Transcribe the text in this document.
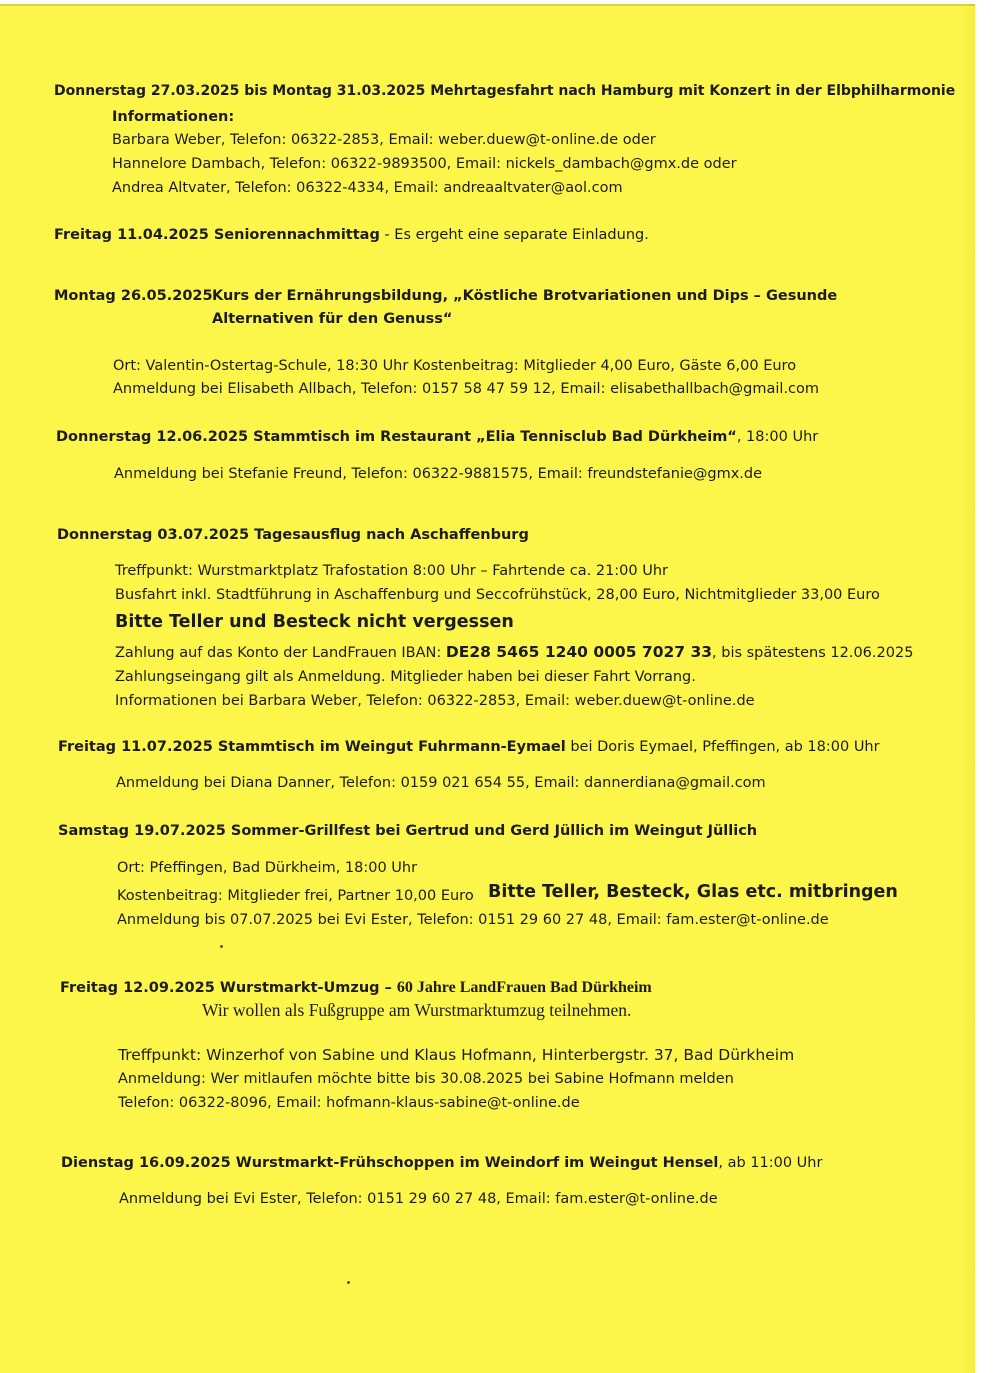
Donnerstag 27.03.2025 bis Montag 31.03.2025 Mehrtagesfahrt nach Hamburg mit Konzert in der Elbphilharmonie
Informationen:
Barbara Weber, Telefon: 06322-2853, Email: weber.duew@t-online.de oder
Hannelore Dambach, Telefon: 06322-9893500, Email: nickels_dambach@gmx.de oder
Andrea Altvater, Telefon: 06322-4334, Email: andreaaltvater@aol.com
Freitag 11.04.2025 Seniorennachmittag - Es ergeht eine separate Einladung.
Montag 26.05.2025 Kurs der Ernährungsbildung, „Köstliche Brotvariationen und Dips – Gesunde
Alternativen für den Genuss“
Ort: Valentin-Ostertag-Schule, 18:30 Uhr Kostenbeitrag: Mitglieder 4,00 Euro, Gäste 6,00 Euro
Anmeldung bei Elisabeth Allbach, Telefon: 0157 58 47 59 12, Email: elisabethallbach@gmail.com
Donnerstag 12.06.2025 Stammtisch im Restaurant „Elia Tennisclub Bad Dürkheim“, 18:00 Uhr
Anmeldung bei Stefanie Freund, Telefon: 06322-9881575, Email: freundstefanie@gmx.de
Donnerstag 03.07.2025 Tagesausflug nach Aschaffenburg
Treffpunkt: Wurstmarktplatz Trafostation 8:00 Uhr – Fahrtende ca. 21:00 Uhr
Busfahrt inkl. Stadtführung in Aschaffenburg und Seccofrühstück, 28,00 Euro, Nichtmitglieder 33,00 Euro
Bitte Teller und Besteck nicht vergessen
Zahlung auf das Konto der LandFrauen IBAN: DE28 5465 1240 0005 7027 33, bis spätestens 12.06.2025
Zahlungseingang gilt als Anmeldung. Mitglieder haben bei dieser Fahrt Vorrang.
Informationen bei Barbara Weber, Telefon: 06322-2853, Email: weber.duew@t-online.de
Freitag 11.07.2025 Stammtisch im Weingut Fuhrmann-Eymael bei Doris Eymael, Pfeffingen, ab 18:00 Uhr
Anmeldung bei Diana Danner, Telefon: 0159 021 654 55, Email: dannerdiana@gmail.com
Samstag 19.07.2025 Sommer-Grillfest bei Gertrud und Gerd Jüllich im Weingut Jüllich
Ort: Pfeffingen, Bad Dürkheim, 18:00 Uhr
Kostenbeitrag: Mitglieder frei, Partner 10,00 Euro Bitte Teller, Besteck, Glas etc. mitbringen
Anmeldung bis 07.07.2025 bei Evi Ester, Telefon: 0151 29 60 27 48, Email: fam.ester@t-online.de
Freitag 12.09.2025 Wurstmarkt-Umzug – 60 Jahre LandFrauen Bad Dürkheim
Wir wollen als Fußgruppe am Wurstmarktumzug teilnehmen.
Treffpunkt: Winzerhof von Sabine und Klaus Hofmann, Hinterbergstr. 37, Bad Dürkheim
Anmeldung: Wer mitlaufen möchte bitte bis 30.08.2025 bei Sabine Hofmann melden
Telefon: 06322-8096, Email: hofmann-klaus-sabine@t-online.de
Dienstag 16.09.2025 Wurstmarkt-Frühschoppen im Weindorf im Weingut Hensel, ab 11:00 Uhr
Anmeldung bei Evi Ester, Telefon: 0151 29 60 27 48, Email: fam.ester@t-online.de
